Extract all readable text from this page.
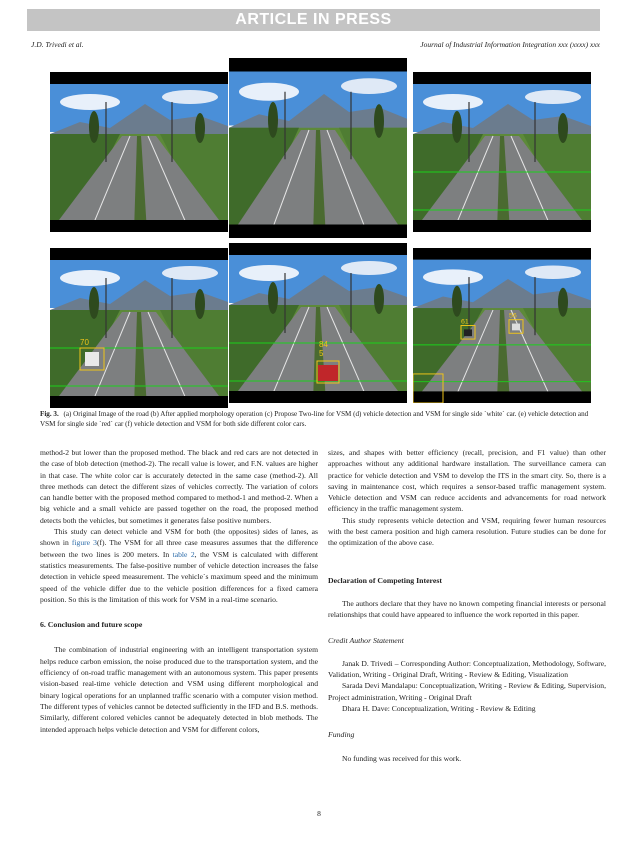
ARTICLE IN PRESS
J.D. Trivedi et al.	Journal of Industrial Information Integration xxx (xxxx) xxx
70	84
5
61
56
Fig. 3. (a) Original Image of the road (b) After applied morphology operation (c) Propose Two-line for VSM (d) vehicle detection and VSM for single side `white` car. (e) vehicle detection and VSM for single side `red` car (f) vehicle detection and VSM for both side different color cars.

method-2 but lower than the proposed method. The black and red cars are not detected in the case of blob detection (method-2). The recall value is lower, and F.N. values are higher in that case. The white color car is accurately detected in the same case (method-2). All three methods can detect the different sizes of vehicles correctly. The variation of colors can handle better with the proposed method compared to method-1 and method-2. When a big vehicle and a small vehicle are passed together on the road, the proposed method detects both the vehicles, but sometimes it generates false positive numbers.

This study can detect vehicle and VSM for both (the opposites) sides of lanes, as shown in figure 3(f). The VSM for all three case measures assumes that the difference between the two lines is 200 meters. In table 2, the VSM is calculated with different statistics measurements. The false-positive number of vehicle detection increases the false detection in vehicle speed measurement. The vehicle`s maximum speed and the minimum speed of the vehicle differ due to the vehicle position differences for a fixed camera position. So this is the limitation of this work for VSM in a real-time scenario.

6. Conclusion and future scope

The combination of industrial engineering with an intelligent transportation system helps reduce carbon emission, the noise produced due to the transportation system, and the efficiency of on-road traffic management with an autonomous system. This paper presents vision-based real-time vehicle detection and VSM using different morphological and binary logical operations for an unplanned traffic scenario with a computer vision method. The different types of vehicles cannot be detected sufficiently in the IFD and B.S. methods. Similarly, different colored vehicles cannot be adequately detected in blob methods. The intended approach helps vehicle detection and VSM for different colors,

sizes, and shapes with better efficiency (recall, precision, and F1 value) than other approaches without any additional hardware installation. The surveillance camera can practice for vehicle detection and VSM to develop the ITS in the smart city. So, there is a saving in maintenance cost, which requires a sensor-based traffic management system. Vehicle detection and VSM can reduce accidents and advancements for road network efficiency in the traffic management system.

This study represents vehicle detection and VSM, requiring fewer human resources with the best camera position and high camera resolution. Future studies can be done for the optimization of the above case.

Declaration of Competing Interest

The authors declare that they have no known competing financial interests or personal relationships that could have appeared to influence the work reported in this paper.

Credit Author Statement

Janak D. Trivedi – Corresponding Author: Conceptualization, Methodology, Software, Validation, Writing - Original Draft, Writing - Review & Editing, Visualization

Sarada Devi Mandalapu: Conceptualization, Writing - Review & Editing, Supervision, Project administration, Writing - Original Draft

Dhara H. Dave: Conceptualization, Writing - Review & Editing

Funding

No funding was received for this work.

8
